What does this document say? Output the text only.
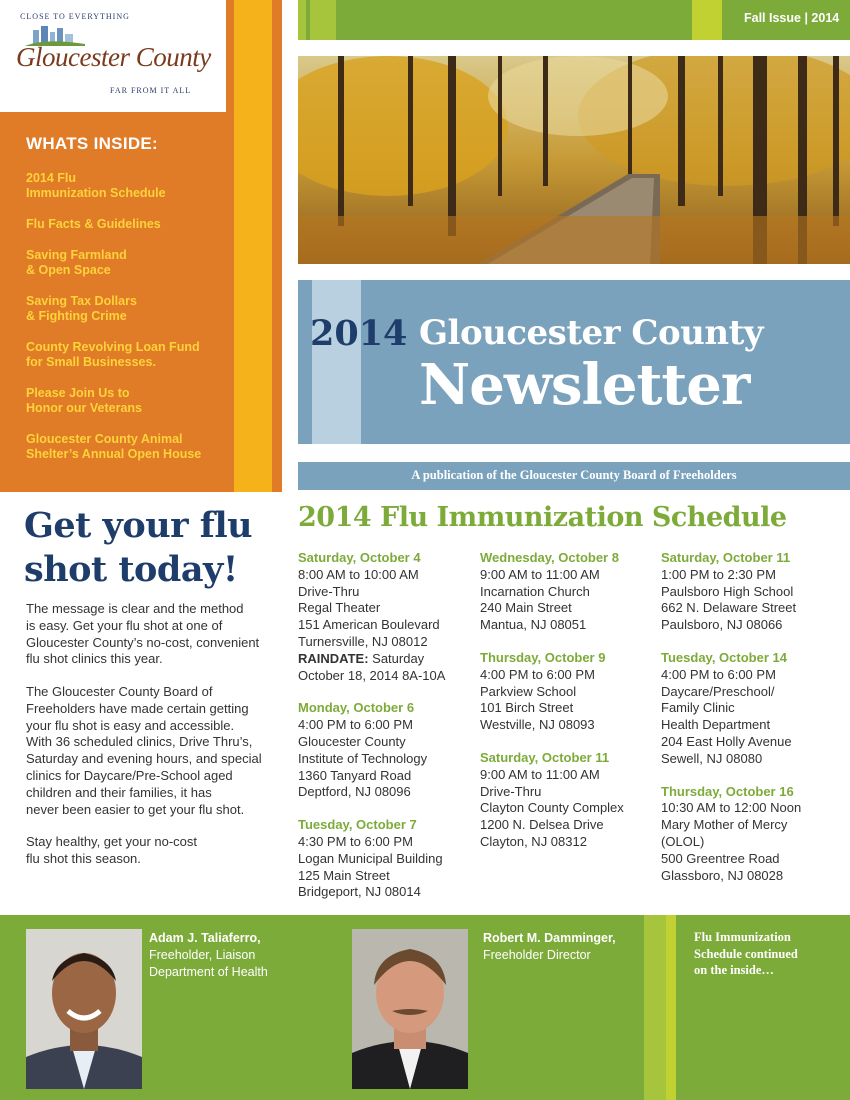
CLOSE TO EVERYTHING
Gloucester County
FAR FROM IT ALL
WHATS INSIDE:
2014 Flu
Immunization Schedule
Flu Facts & Guidelines
Saving Farmland
& Open Space
Saving Tax Dollars
& Fighting Crime
County Revolving Loan Fund
for Small Businesses.
Please Join Us to
Honor our Veterans
Gloucester County Animal
Shelter’s Annual Open House
Fall Issue | 2014
2014 Gloucester County
Newsletter
A publication of the Gloucester County Board of Freeholders
Get your flu shot today!
The message is clear and the method
is easy. Get your flu shot at one of
Gloucester County’s no-cost, convenient
flu shot clinics this year.
The Gloucester County Board of
Freeholders have made certain getting
your flu shot is easy and accessible.
With 36 scheduled clinics, Drive Thru’s,
Saturday and evening hours, and special
clinics for Daycare/Pre-School aged
children and their families, it has
never been easier to get your flu shot.
Stay healthy, get your no-cost
flu shot this season.
2014 Flu Immunization Schedule
Saturday, October 4
8:00 AM to 10:00 AM
Drive-Thru
Regal Theater
151 American Boulevard
Turnersville, NJ 08012
RAINDATE: Saturday
October 18, 2014 8A-10A
Monday, October 6
4:00 PM to 6:00 PM
Gloucester County
Institute of Technology
1360 Tanyard Road
Deptford, NJ 08096
Tuesday, October 7
4:30 PM to 6:00 PM
Logan Municipal Building
125 Main Street
Bridgeport, NJ 08014
Wednesday, October 8
9:00 AM to 11:00 AM
Incarnation Church
240 Main Street
Mantua, NJ 08051
Thursday, October 9
4:00 PM to 6:00 PM
Parkview School
101 Birch Street
Westville, NJ 08093
Saturday, October 11
9:00 AM to 11:00 AM
Drive-Thru
Clayton County Complex
1200 N. Delsea Drive
Clayton, NJ 08312
Saturday, October 11
1:00 PM to 2:30 PM
Paulsboro High School
662 N. Delaware Street
Paulsboro, NJ 08066
Tuesday, October 14
4:00 PM to 6:00 PM
Daycare/Preschool/
Family Clinic
Health Department
204 East Holly Avenue
Sewell, NJ 08080
Thursday, October 16
10:30 AM to 12:00 Noon
Mary Mother of Mercy
(OLOL)
500 Greentree Road
Glassboro, NJ 08028
Adam J. Taliaferro,
Freeholder, Liaison
Department of Health
Robert M. Damminger,
Freeholder Director
Flu Immunization
Schedule continued
on the inside…
